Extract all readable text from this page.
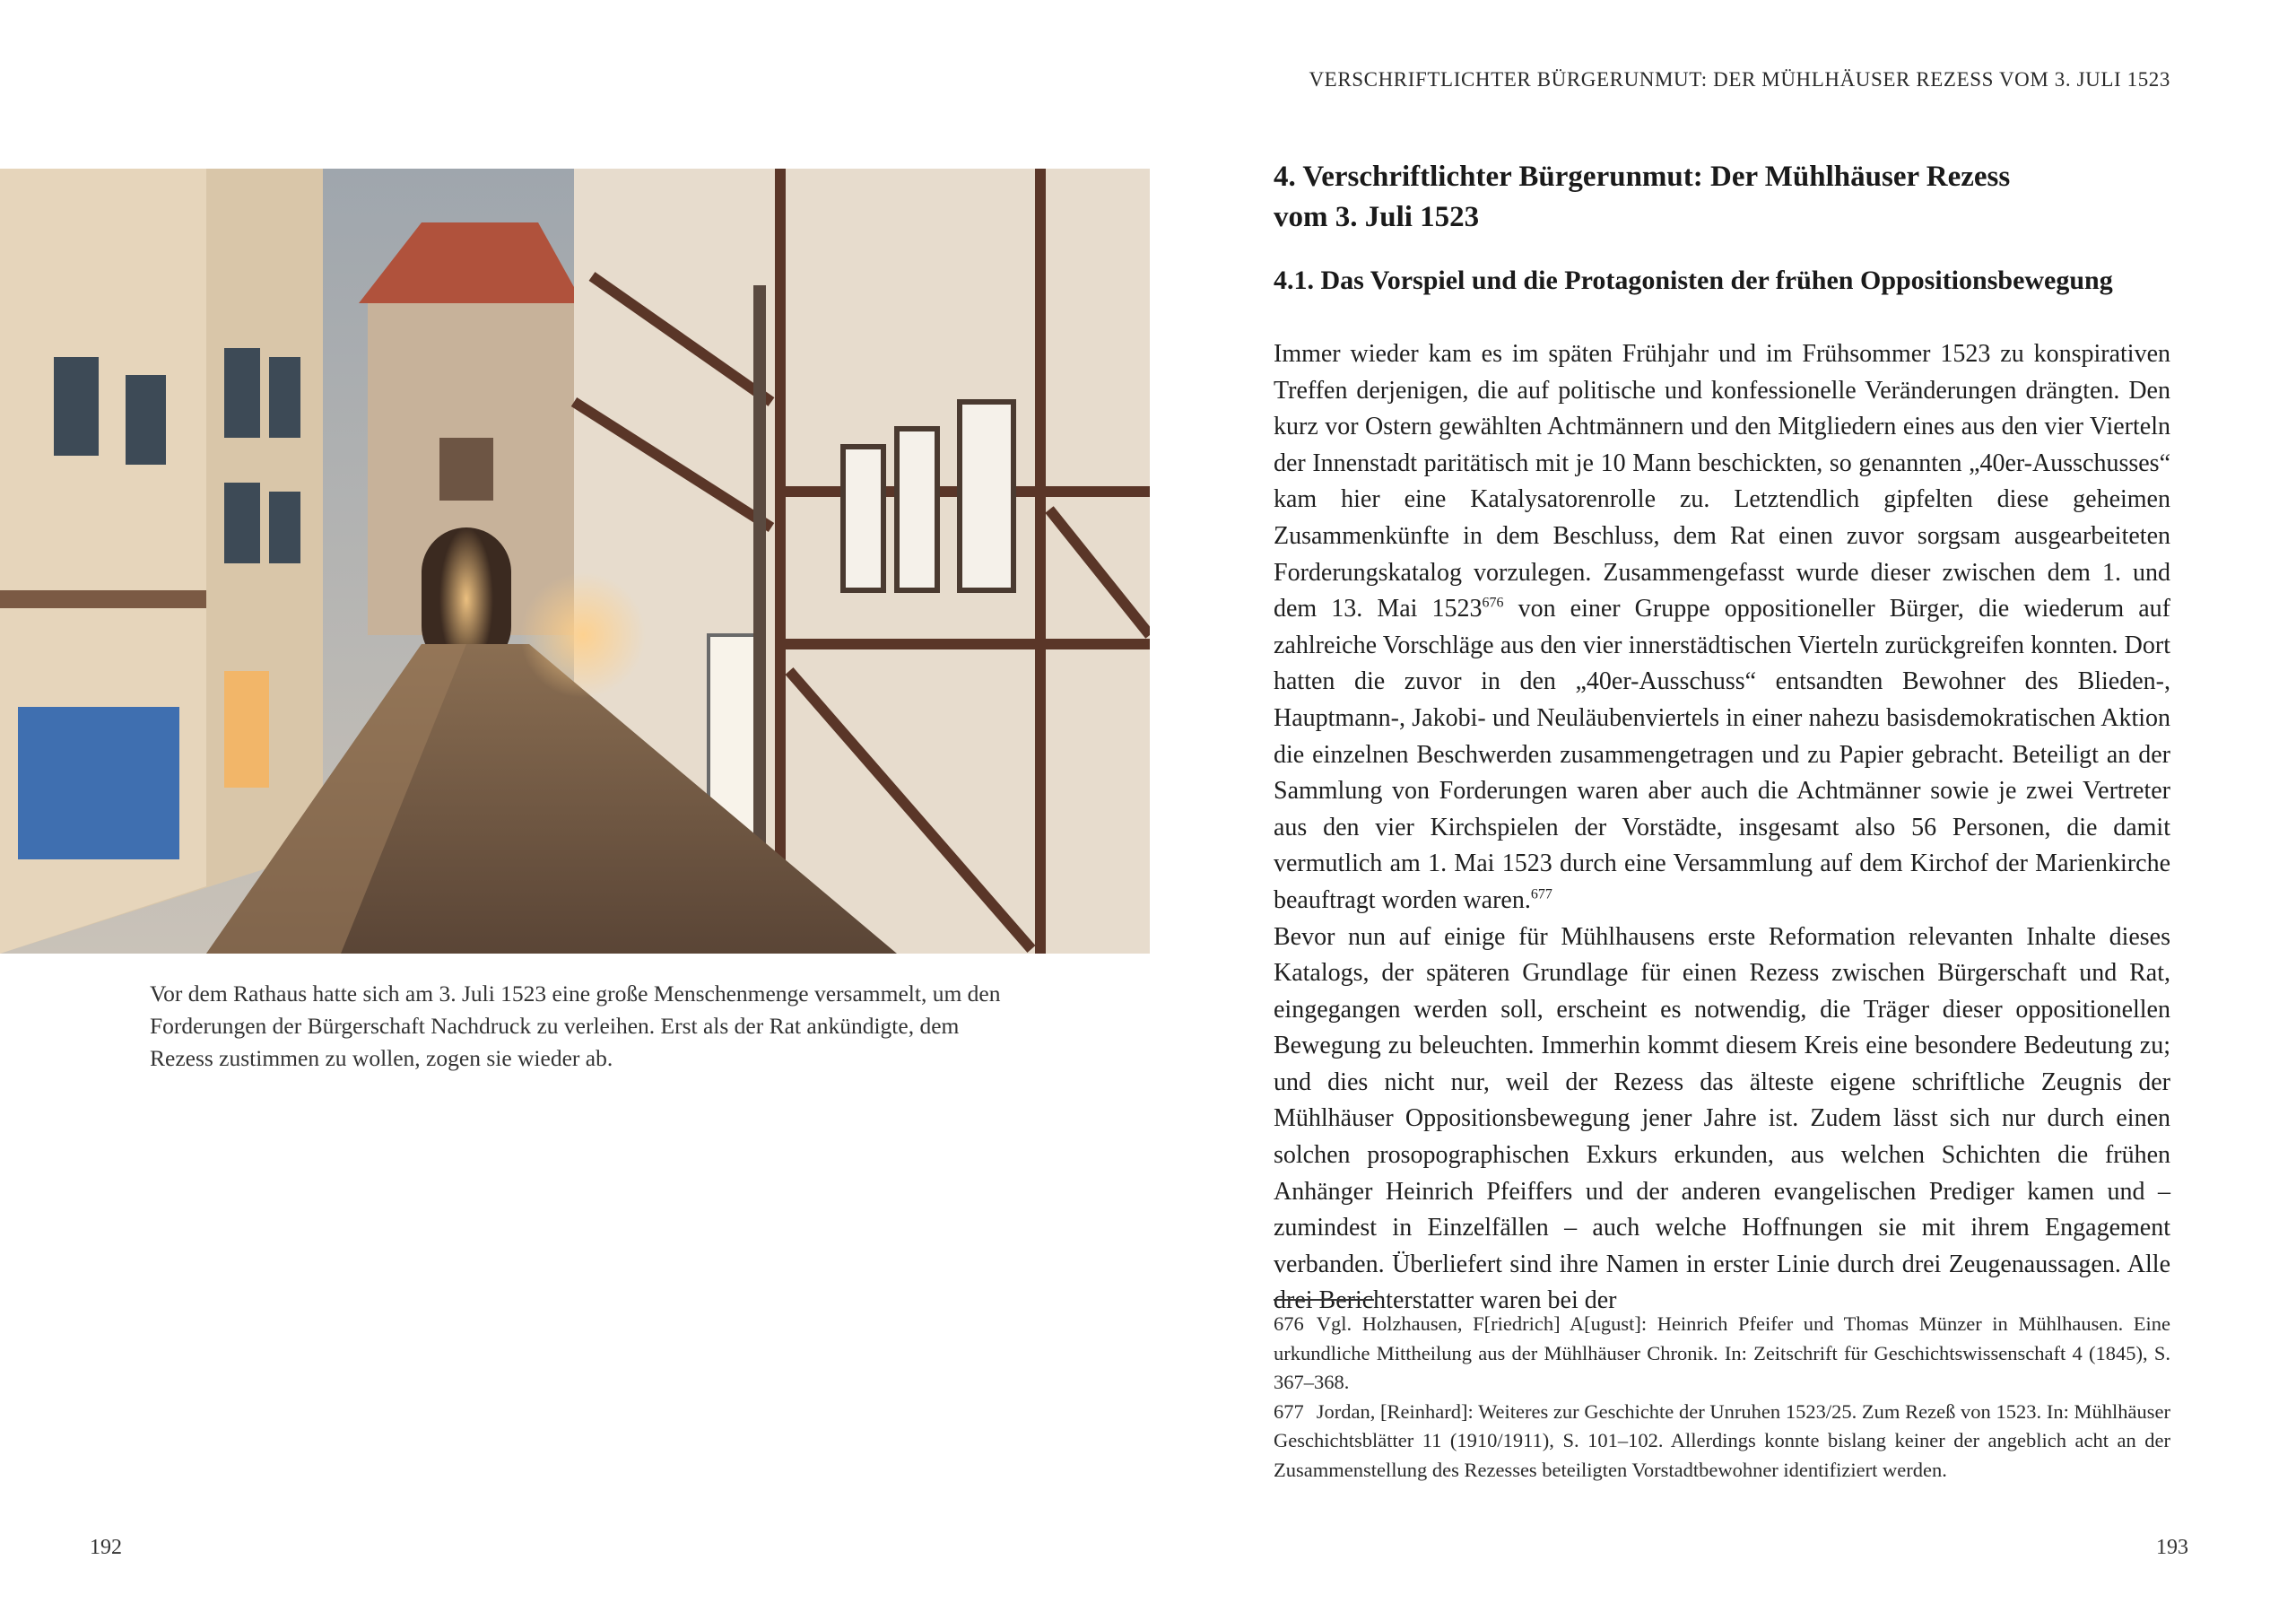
VERSCHRIFTLICHTER BÜRGERUNMUT: DER MÜHLHÄUSER REZESS VOM 3. JULI 1523
Vor dem Rathaus hatte sich am 3. Juli 1523 eine große Menschenmenge versammelt, um den
Forderungen der Bürgerschaft Nachdruck zu verleihen. Erst als der Rat ankündigte, dem
Rezess zustimmen zu wollen, zogen sie wieder ab.
4. Verschriftlichter Bürgerunmut: Der Mühlhäuser Rezess
vom 3. Juli 1523
4.1. Das Vorspiel und die Protagonisten der frühen Oppositionsbewegung

Immer wieder kam es im späten Frühjahr und im Frühsommer 1523 zu konspirativen Treffen derjenigen, die auf politische und konfessionelle Veränderungen drängten. Den kurz vor Ostern gewählten Achtmännern und den Mitgliedern eines aus den vier Vierteln der Innenstadt paritätisch mit je 10 Mann beschickten, so genannten „40er-Ausschusses“ kam hier eine Katalysatorenrolle zu. Letztendlich gipfelten diese geheimen Zusammenkünfte in dem Beschluss, dem Rat einen zuvor sorgsam ausgearbeiteten Forderungskatalog vorzulegen. Zusammengefasst wurde dieser zwischen dem 1. und dem 13. Mai 1523$^{676}$ von einer Gruppe oppositioneller Bürger, die wiederum auf zahlreiche Vorschläge aus den vier innerstädtischen Vierteln zurückgreifen konnten. Dort hatten die zuvor in den „40er-Ausschuss“ entsandten Bewohner des Blieden-, Hauptmann-, Jakobi- und Neuläubenviertels in einer nahezu basisdemokratischen Aktion die einzelnen Beschwerden zusammengetragen und zu Papier gebracht. Beteiligt an der Sammlung von Forderungen waren aber auch die Achtmänner sowie je zwei Vertreter aus den vier Kirchspielen der Vorstädte, insgesamt also 56 Personen, die damit vermutlich am 1. Mai 1523 durch eine Versammlung auf dem Kirchof der Marienkirche beauftragt worden waren.$^{677}$

Bevor nun auf einige für Mühlhausens erste Reformation relevanten Inhalte dieses Katalogs, der späteren Grundlage für einen Rezess zwischen Bürgerschaft und Rat, eingegangen werden soll, erscheint es notwendig, die Träger dieser oppositionellen Bewegung zu beleuchten. Immerhin kommt diesem Kreis eine besondere Bedeutung zu; und dies nicht nur, weil der Rezess das älteste eigene schriftliche Zeugnis der Mühlhäuser Oppositionsbewegung jener Jahre ist. Zudem lässt sich nur durch einen solchen prosopographischen Exkurs erkunden, aus welchen Schichten die frühen Anhänger Heinrich Pfeiffers und der anderen evangelischen Prediger kamen und – zumindest in Einzelfällen – auch welche Hoffnungen sie mit ihrem Engagement verbanden. Überliefert sind ihre Namen in erster Linie durch drei Zeugenaussagen. Alle drei Berichterstatter waren bei der

676 Vgl. Holzhausen, F[riedrich] A[ugust]: Heinrich Pfeifer und Thomas Münzer in Mühlhausen. Eine urkundliche Mittheilung aus der Mühlhäuser Chronik. In: Zeitschrift für Geschichtswissenschaft 4 (1845), S. 367–368.

677 Jordan, [Reinhard]: Weiteres zur Geschichte der Unruhen 1523/25. Zum Rezeß von 1523. In: Mühlhäuser Geschichtsblätter 11 (1910/1911), S. 101–102. Allerdings konnte bislang keiner der angeblich acht an der Zusammenstellung des Rezesses beteiligten Vorstadtbewohner identifiziert werden.

192	193
